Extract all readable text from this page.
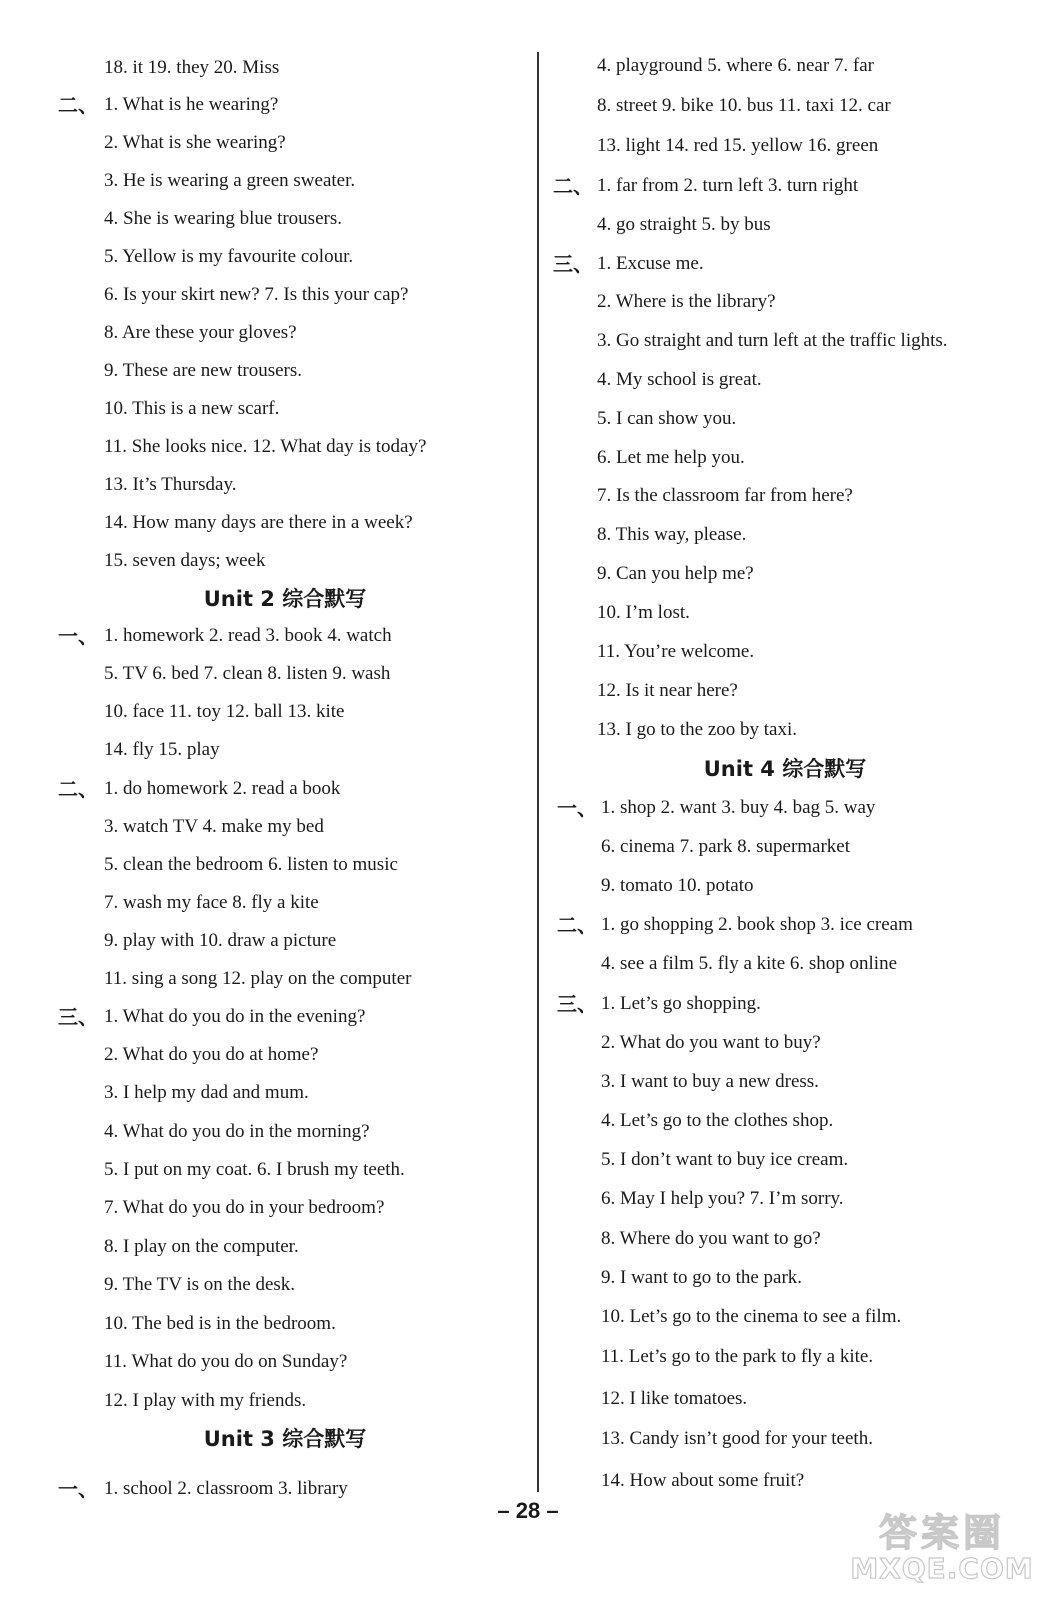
18. it 19. they 20. Miss
二、 1. What is he wearing?
2. What is she wearing?
3. He is wearing a green sweater.
4. She is wearing blue trousers.
5. Yellow is my favourite colour.
6. Is your skirt new? 7. Is this your cap?
8. Are these your gloves?
9. These are new trousers.
10. This is a new scarf.
11. She looks nice. 12. What day is today?
13. It’s Thursday.
14. How many days are there in a week?
15. seven days; week
Unit 2 综合默写
一、 1. homework 2. read 3. book 4. watch
5. TV 6. bed 7. clean 8. listen 9. wash
10. face 11. toy 12. ball 13. kite
14. fly 15. play
二、 1. do homework 2. read a book
3. watch TV 4. make my bed
5. clean the bedroom 6. listen to music
7. wash my face 8. fly a kite
9. play with 10. draw a picture
11. sing a song 12. play on the computer
三、 1. What do you do in the evening?
2. What do you do at home?
3. I help my dad and mum.
4. What do you do in the morning?
5. I put on my coat. 6. I brush my teeth.
7. What do you do in your bedroom?
8. I play on the computer.
9. The TV is on the desk.
10. The bed is in the bedroom.
11. What do you do on Sunday?
12. I play with my friends.
Unit 3 综合默写
一、 1. school 2. classroom 3. library
4. playground 5. where 6. near 7. far
8. street 9. bike 10. bus 11. taxi 12. car
13. light 14. red 15. yellow 16. green
二、 1. far from 2. turn left 3. turn right
4. go straight 5. by bus
三、 1. Excuse me.
2. Where is the library?
3. Go straight and turn left at the traffic lights.
4. My school is great.
5. I can show you.
6. Let me help you.
7. Is the classroom far from here?
8. This way, please.
9. Can you help me?
10. I’m lost.
11. You’re welcome.
12. Is it near here?
13. I go to the zoo by taxi.
Unit 4 综合默写
一、 1. shop 2. want 3. buy 4. bag 5. way
6. cinema 7. park 8. supermarket
9. tomato 10. potato
二、 1. go shopping 2. book shop 3. ice cream
4. see a film 5. fly a kite 6. shop online
三、 1. Let’s go shopping.
2. What do you want to buy?
3. I want to buy a new dress.
4. Let’s go to the clothes shop.
5. I don’t want to buy ice cream.
6. May I help you? 7. I’m sorry.
8. Where do you want to go?
9. I want to go to the park.
10. Let’s go to the cinema to see a film.
11. Let’s go to the park to fly a kite.
12. I like tomatoes.
13. Candy isn’t good for your teeth.
14. How about some fruit?
– 28 –
答案圈
MXQE.COM
